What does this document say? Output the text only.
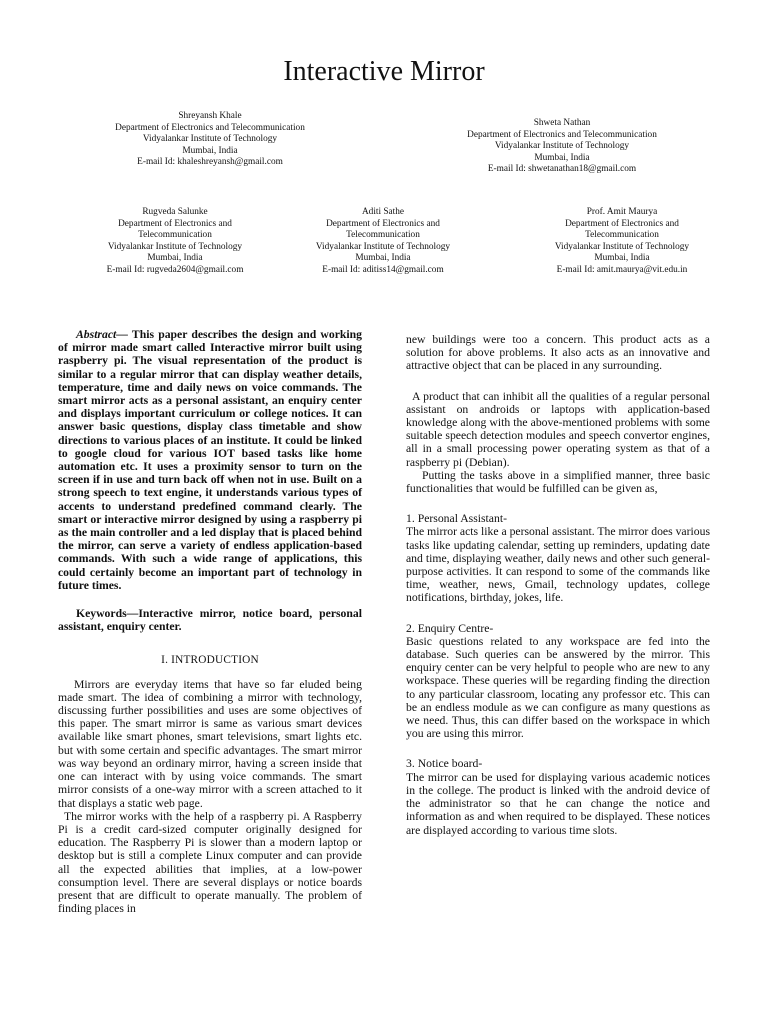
Interactive Mirror
Shreyansh Khale
Department of Electronics and Telecommunication
Vidyalankar Institute of Technology
Mumbai, India
E-mail Id: khaleshreyansh@gmail.com
Shweta Nathan
Department of Electronics and Telecommunication
Vidyalankar Institute of Technology
Mumbai, India
E-mail Id: shwetanathan18@gmail.com
Rugveda Salunke
Department of Electronics and
Telecommunication
Vidyalankar Institute of Technology
Mumbai, India
E-mail Id: rugveda2604@gmail.com
Aditi Sathe
Department of Electronics and
Telecommunication
Vidyalankar Institute of Technology
Mumbai, India
E-mail Id: aditiss14@gmail.com
Prof. Amit Maurya
Department of Electronics and
Telecommunication
Vidyalankar Institute of Technology
Mumbai, India
E-mail Id: amit.maurya@vit.edu.in

Abstract— This paper describes the design and working of mirror made smart called Interactive mirror built using raspberry pi. The visual representation of the product is similar to a regular mirror that can display weather details, temperature, time and daily news on voice commands. The smart mirror acts as a personal assistant, an enquiry center and displays important curriculum or college notices. It can answer basic questions, display class timetable and show directions to various places of an institute. It could be linked to google cloud for various IOT based tasks like home automation etc. It uses a proximity sensor to turn on the screen if in use and turn back off when not in use. Built on a strong speech to text engine, it understands various types of accents to understand predefined command clearly. The smart or interactive mirror designed by using a raspberry pi as the main controller and a led display that is placed behind the mirror, can serve a variety of endless application-based commands. With such a wide range of applications, this could certainly become an important part of technology in future times.

Keywords—Interactive mirror, notice board, personal assistant, enquiry center.

I. INTRODUCTION

Mirrors are everyday items that have so far eluded being made smart. The idea of combining a mirror with technology, discussing further possibilities and uses are some objectives of this paper. The smart mirror is same as various smart devices available like smart phones, smart televisions, smart lights etc. but with some certain and specific advantages. The smart mirror was way beyond an ordinary mirror, having a screen inside that one can interact with by using voice commands. The smart mirror consists of a one-way mirror with a screen attached to it that displays a static web page.

The mirror works with the help of a raspberry pi. A Raspberry Pi is a credit card-sized computer originally designed for education. The Raspberry Pi is slower than a modern laptop or desktop but is still a complete Linux computer and can provide all the expected abilities that implies, at a low-power consumption level. There are several displays or notice boards present that are difficult to operate manually. The problem of finding places in

new buildings were too a concern. This product acts as a solution for above problems. It also acts as an innovative and attractive object that can be placed in any surrounding.

A product that can inhibit all the qualities of a regular personal assistant on androids or laptops with application-based knowledge along with the above-mentioned problems with some suitable speech detection modules and speech convertor engines, all in a small processing power operating system as that of a raspberry pi (Debian).

Putting the tasks above in a simplified manner, three basic functionalities that would be fulfilled can be given as,

1. Personal Assistant-

The mirror acts like a personal assistant. The mirror does various tasks like updating calendar, setting up reminders, updating date and time, displaying weather, daily news and other such general-purpose activities. It can respond to some of the commands like time, weather, news, Gmail, technology updates, college notifications, birthday, jokes, life.

2. Enquiry Centre-

Basic questions related to any workspace are fed into the database. Such queries can be answered by the mirror. This enquiry center can be very helpful to people who are new to any workspace. These queries will be regarding finding the direction to any particular classroom, locating any professor etc. This can be an endless module as we can configure as many questions as we need. Thus, this can differ based on the workspace in which you are using this mirror.

3. Notice board-

The mirror can be used for displaying various academic notices in the college. The product is linked with the android device of the administrator so that he can change the notice and information as and when required to be displayed. These notices are displayed according to various time slots.
